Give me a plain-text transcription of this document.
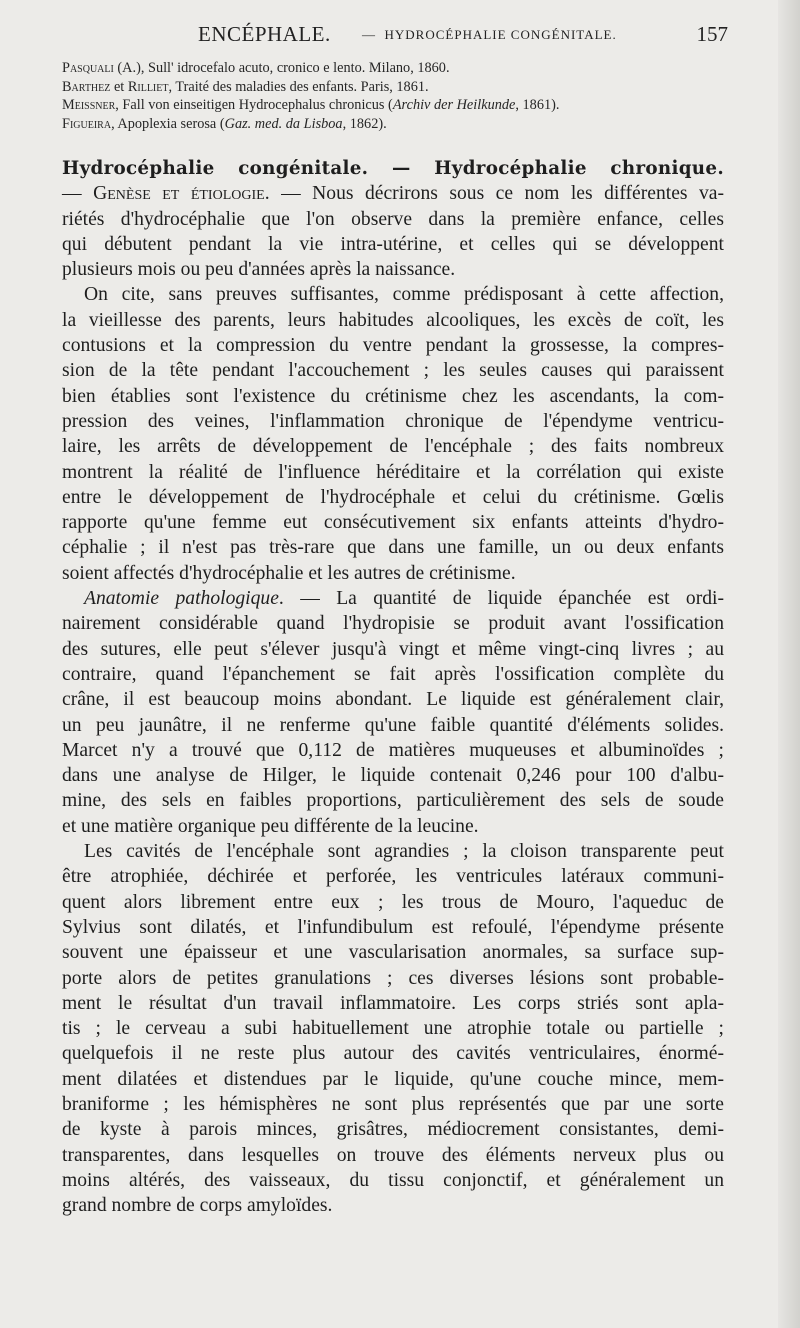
ENCÉPHALE. — HYDROCÉPHALIE CONGÉNITALE.	157
Pasquali (A.), Sull' idrocefalo acuto, cronico e lento. Milano, 1860.
Barthez et Rilliet, Traité des maladies des enfants. Paris, 1861.
Meissner, Fall von einseitigen Hydrocephalus chronicus (Archiv der Heilkunde, 1861).
Figueira, Apoplexia serosa (Gaz. med. da Lisboa, 1862).
Hydrocéphalie congénitale. — Hydrocéphalie chronique.
— Genèse et étiologie. — Nous décrirons sous ce nom les différentes va-
riétés d'hydrocéphalie que l'on observe dans la première enfance, celles
qui débutent pendant la vie intra-utérine, et celles qui se développent
plusieurs mois ou peu d'années après la naissance.
On cite, sans preuves suffisantes, comme prédisposant à cette affection,
la vieillesse des parents, leurs habitudes alcooliques, les excès de coït, les
contusions et la compression du ventre pendant la grossesse, la compres-
sion de la tête pendant l'accouchement ; les seules causes qui paraissent
bien établies sont l'existence du crétinisme chez les ascendants, la com-
pression des veines, l'inflammation chronique de l'épendyme ventricu-
laire, les arrêts de développement de l'encéphale ; des faits nombreux
montrent la réalité de l'influence héréditaire et la corrélation qui existe
entre le développement de l'hydrocéphale et celui du crétinisme. Gœlis
rapporte qu'une femme eut consécutivement six enfants atteints d'hydro-
céphalie ; il n'est pas très-rare que dans une famille, un ou deux enfants
soient affectés d'hydrocéphalie et les autres de crétinisme.
Anatomie pathologique. — La quantité de liquide épanchée est ordi-
nairement considérable quand l'hydropisie se produit avant l'ossification
des sutures, elle peut s'élever jusqu'à vingt et même vingt-cinq livres ; au
contraire, quand l'épanchement se fait après l'ossification complète du
crâne, il est beaucoup moins abondant. Le liquide est généralement clair,
un peu jaunâtre, il ne renferme qu'une faible quantité d'éléments solides.
Marcet n'y a trouvé que 0,112 de matières muqueuses et albuminoïdes ;
dans une analyse de Hilger, le liquide contenait 0,246 pour 100 d'albu-
mine, des sels en faibles proportions, particulièrement des sels de soude
et une matière organique peu différente de la leucine.
Les cavités de l'encéphale sont agrandies ; la cloison transparente peut
être atrophiée, déchirée et perforée, les ventricules latéraux communi-
quent alors librement entre eux ; les trous de Mouro, l'aqueduc de
Sylvius sont dilatés, et l'infundibulum est refoulé, l'épendyme présente
souvent une épaisseur et une vascularisation anormales, sa surface sup-
porte alors de petites granulations ; ces diverses lésions sont probable-
ment le résultat d'un travail inflammatoire. Les corps striés sont apla-
tis ; le cerveau a subi habituellement une atrophie totale ou partielle ;
quelquefois il ne reste plus autour des cavités ventriculaires, énormé-
ment dilatées et distendues par le liquide, qu'une couche mince, mem-
braniforme ; les hémisphères ne sont plus représentés que par une sorte
de kyste à parois minces, grisâtres, médiocrement consistantes, demi-
transparentes, dans lesquelles on trouve des éléments nerveux plus ou
moins altérés, des vaisseaux, du tissu conjonctif, et généralement un
grand nombre de corps amyloïdes.
